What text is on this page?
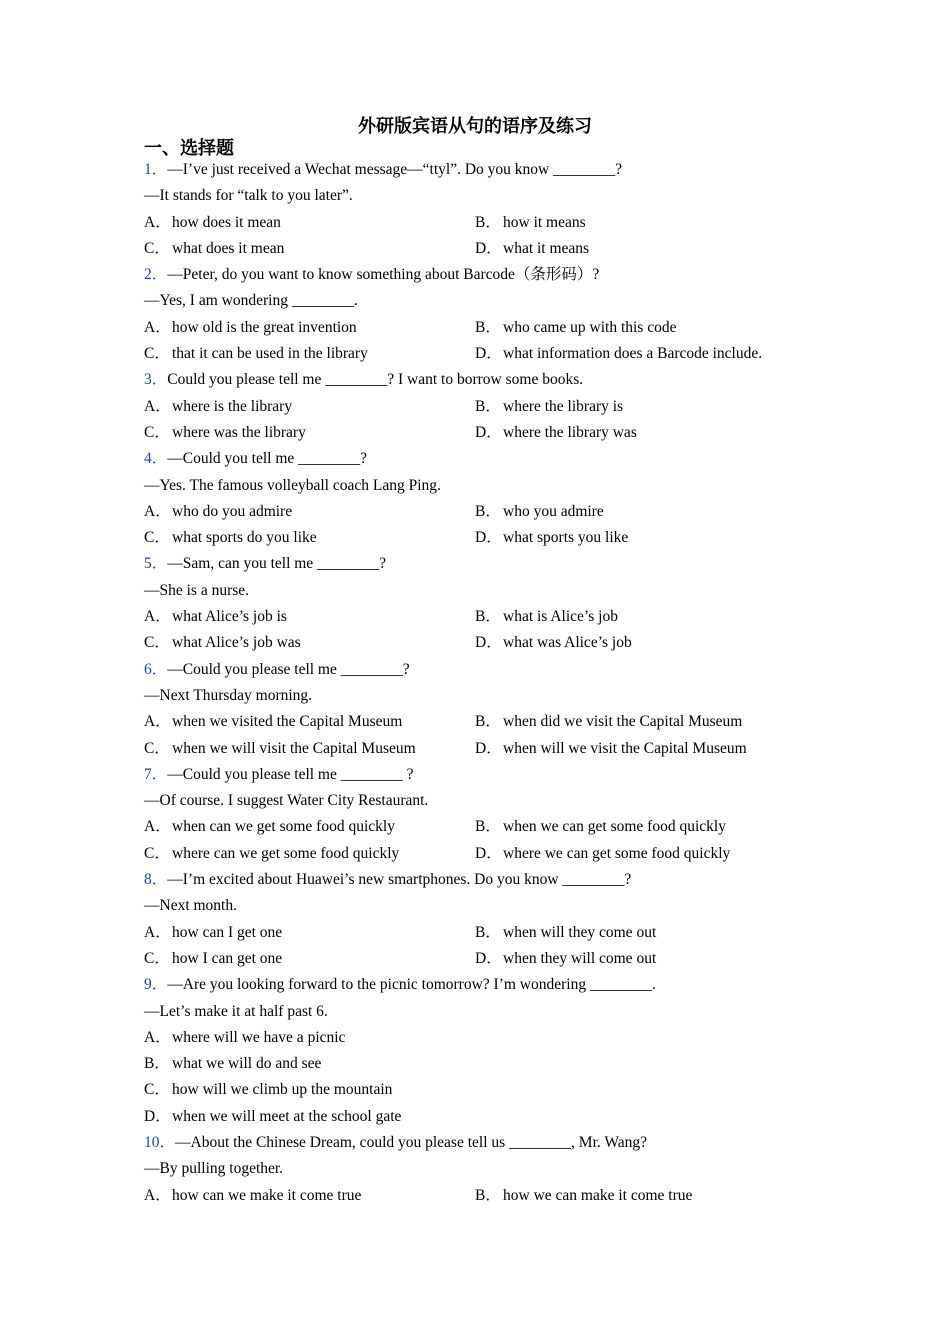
外研版宾语从句的语序及练习
一、选择题
1．—I’ve just received a Wechat message—“ttyl”. Do you know ________?
—It stands for “talk to you later”.
A．how does it mean	B． how it means
C． what does it mean	D．what it means
2．—Peter, do you want to know something about Barcode（条形码）?
—Yes, I am wondering ________.
A．how old is the great invention	B． who came up with this code
C． that it can be used in the library	D．what information does a Barcode include.
3．Could you please tell me ________? I want to borrow some books.
A．where is the library	B． where the library is
C． where was the library	D．where the library was
4．—Could you tell me ________?
—Yes. The famous volleyball coach Lang Ping.
A．who do you admire	B． who you admire
C． what sports do you like	D．what sports you like
5．—Sam, can you tell me ________?
—She is a nurse.
A．what Alice’s job is	B． what is Alice’s job
C． what Alice’s job was	D．what was Alice’s job
6．—Could you please tell me ________?
—Next Thursday morning.
A．when we visited the Capital Museum	B． when did we visit the Capital Museum
C． when we will visit the Capital Museum	D．when will we visit the Capital Museum
7．—Could you please tell me ________ ?
—Of course. I suggest Water City Restaurant.
A．when can we get some food quickly	B． when we can get some food quickly
C． where can we get some food quickly	D．where we can get some food quickly
8．—I’m excited about Huawei’s new smartphones. Do you know ________?
—Next month.
A．how can I get one	B． when will they come out
C． how I can get one	D．when they will come out
9．—Are you looking forward to the picnic tomorrow? I’m wondering ________.
—Let’s make it at half past 6.
A．where will we have a picnic
B． what we will do and see
C． how will we climb up the mountain
D．when we will meet at the school gate
10．—About the Chinese Dream, could you please tell us ________, Mr. Wang?
—By pulling together.
A．how can we make it come true	B． how we can make it come true
